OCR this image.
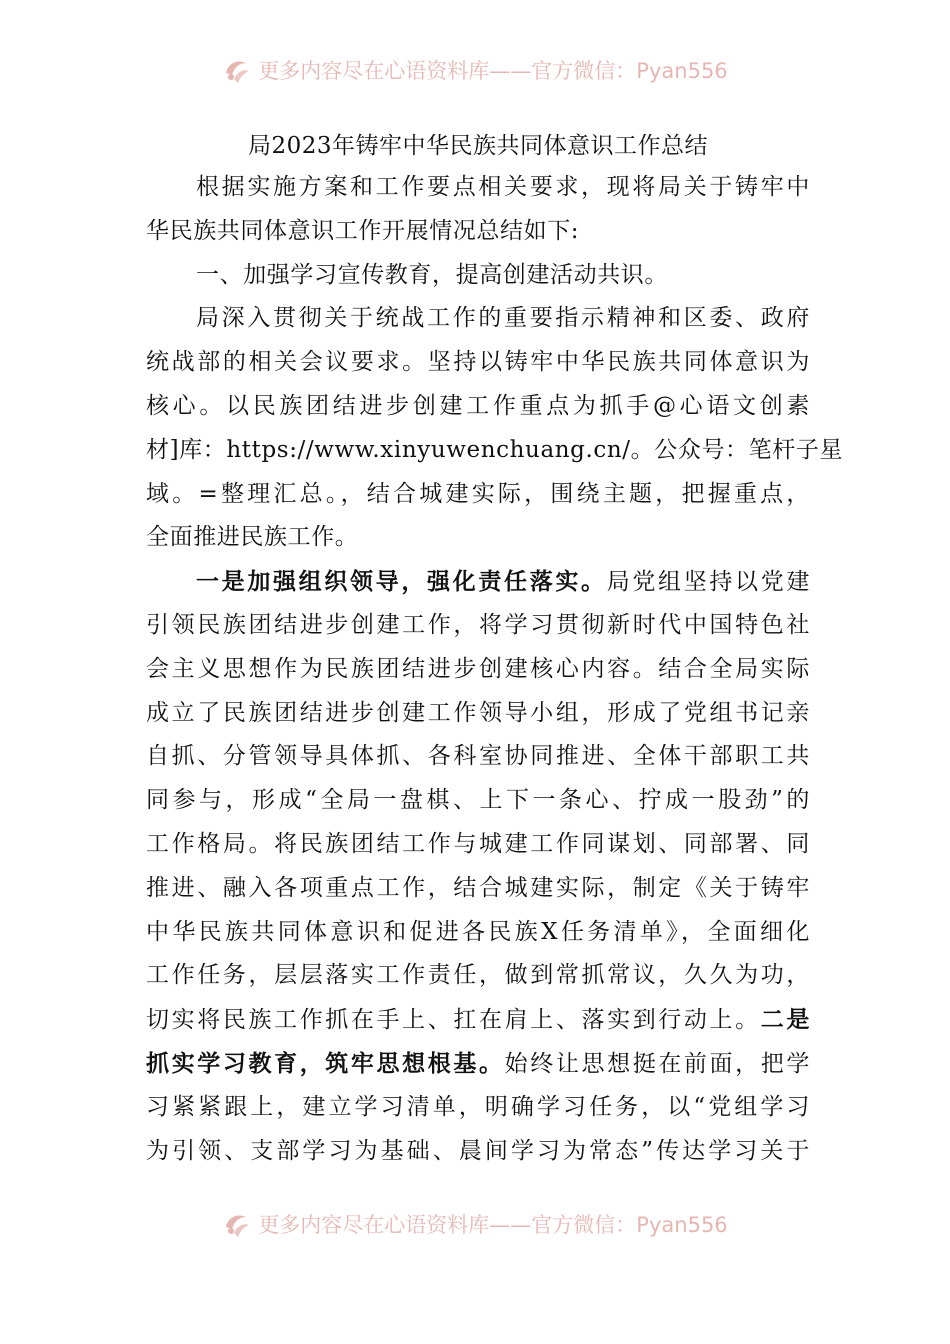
更多内容尽在心语资料库——官方微信：Pyan556
局2023年铸牢中华民族共同体意识工作总结
根据实施方案和工作要点相关要求，现将局关于铸牢中
华民族共同体意识工作开展情况总结如下:
一、加强学习宣传教育，提高创建活动共识。
局深入贯彻关于统战工作的重要指示精神和区委、政府
统战部的相关会议要求。坚持以铸牢中华民族共同体意识为
核心。以民族团结进步创建工作重点为抓手@心语文创素
材]库：https://www.xinyuwenchuang.cn/。公众号：笔杆子星
域。=整理汇总。，结合城建实际，围绕主题，把握重点，
全面推进民族工作。
一是加强组织领导，强化责任落实。局党组坚持以党建
引领民族团结进步创建工作，将学习贯彻新时代中国特色社
会主义思想作为民族团结进步创建核心内容。结合全局实际
成立了民族团结进步创建工作领导小组，形成了党组书记亲
自抓、分管领导具体抓、各科室协同推进、全体干部职工共
同参与，形成“全局一盘棋、上下一条心、拧成一股劲”的
工作格局。将民族团结工作与城建工作同谋划、同部署、同
推进、融入各项重点工作，结合城建实际，制定《关于铸牢
中华民族共同体意识和促进各民族X任务清单》，全面细化
工作任务，层层落实工作责任，做到常抓常议，久久为功，
切实将民族工作抓在手上、扛在肩上、落实到行动上。二是
抓实学习教育，筑牢思想根基。始终让思想挺在前面，把学
习紧紧跟上，建立学习清单，明确学习任务，以“党组学习
为引领、支部学习为基础、晨间学习为常态”传达学习关于
更多内容尽在心语资料库——官方微信：Pyan556
